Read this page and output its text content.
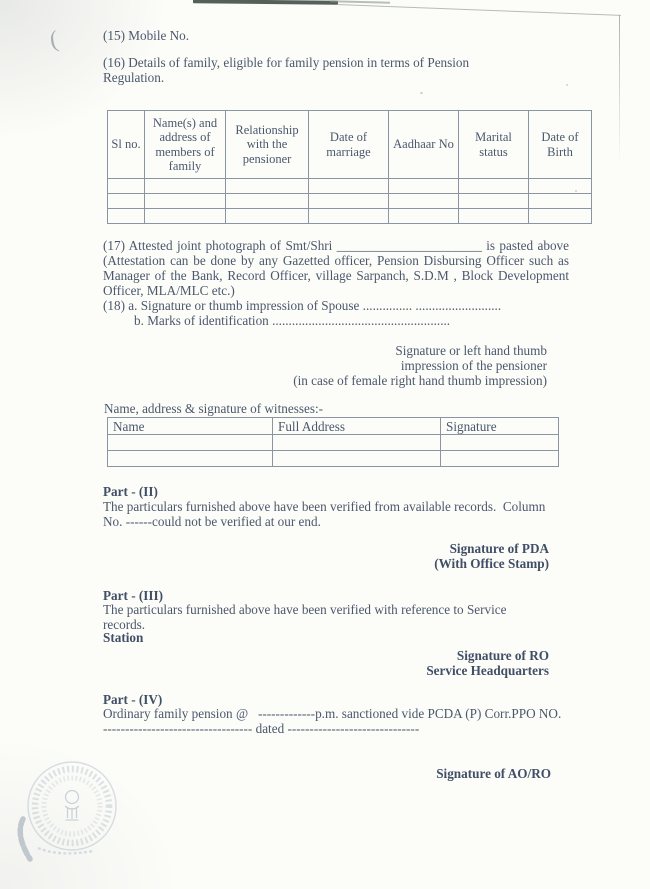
(	(15) Mobile No.
(16) Details of family, eligible for family pension in terms of Pension
Regulation.
Sl no.	Name(s) and address of members of family	Relationship with the pensioner	Date of marriage	Aadhaar No	Marital status	Date of Birth

(17) Attested joint photograph of Smt/Shri ______________________ is pasted above
(Attestation can be done by any Gazetted officer, Pension Disbursing Officer such as
Manager of the Bank, Record Officer, village Sarpanch, S.D.M , Block Development
Officer, MLA/MLC etc.)
(18) a. Signature or thumb impression of Spouse ............... ..........................
b. Marks of identification ......................................................
Signature or left hand thumb
impression of the pensioner
(in case of female right hand thumb impression)
Name, address & signature of witnesses:-
Name	Full Address	Signature

Part - (II)
The particulars furnished above have been verified from available records.  Column
No. ------could not be verified at our end.
Signature of PDA
(With Office Stamp)
Part - (III)
The particulars furnished above have been verified with reference to Service
records.
Station
Signature of RO
Service Headquarters
Part - (IV)
Ordinary family pension @   -------------p.m. sanctioned vide PCDA (P) Corr.PPO NO.
---------------------------------- dated ------------------------------
Signature of AO/RO
